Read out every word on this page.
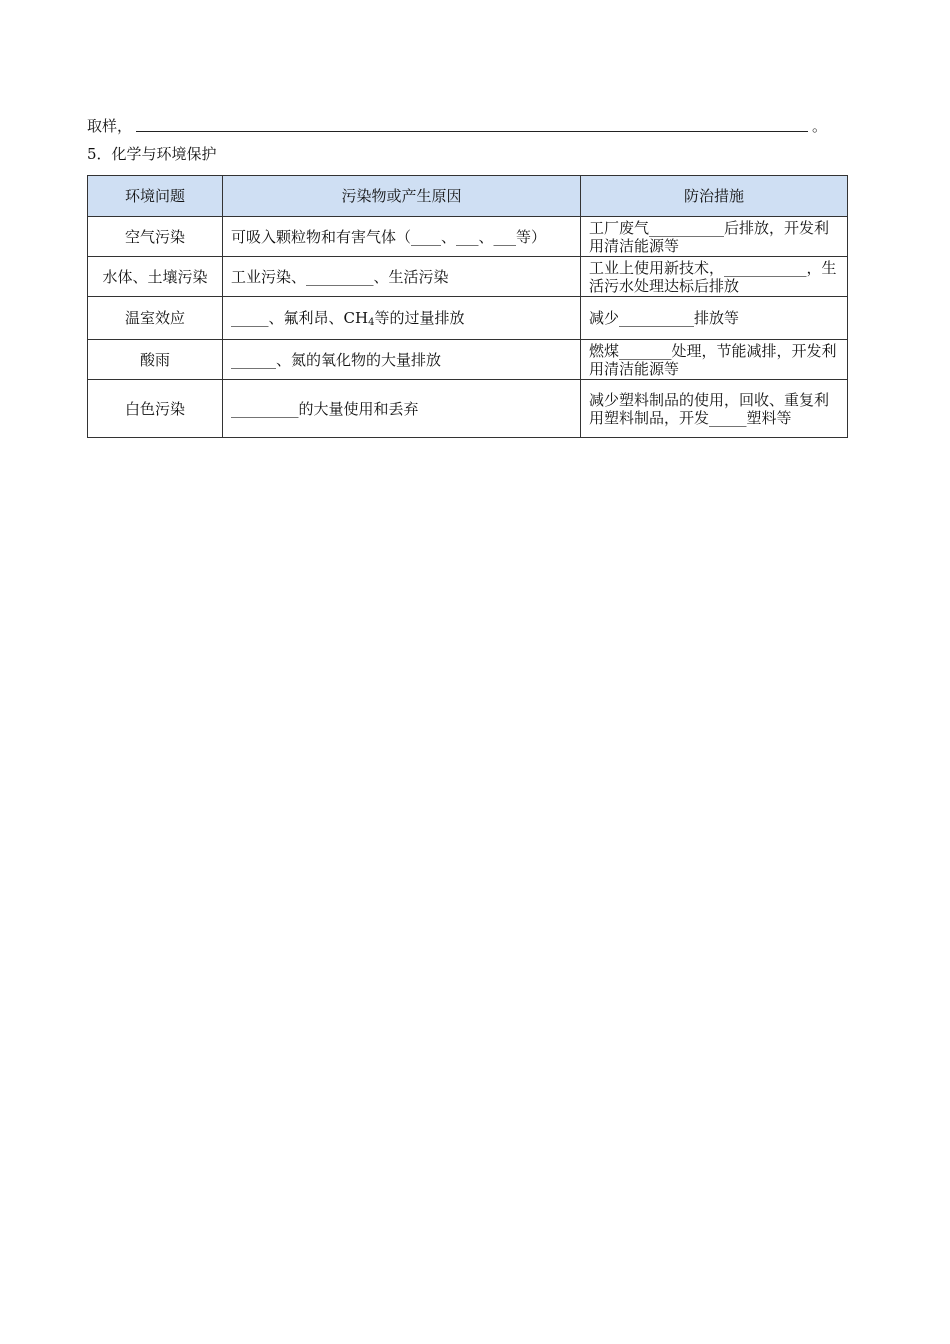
取样，	。
5．化学与环境保护
环境问题	污染物或产生原因	防治措施
空气污染	可吸入颗粒物和有害气体（____、___、___等）	工厂废气__________后排放，开发利用清洁能源等
水体、土壤污染	工业污染、_________、生活污染	工业上使用新技术，___________，生活污水处理达标后排放
温室效应	_____、氟利昂、$CH_4$等的过量排放	减少__________排放等
酸雨	______、氮的氧化物的大量排放	燃煤_______处理，节能减排，开发利用清洁能源等
白色污染	_________的大量使用和丢弃	减少塑料制品的使用，回收、重复利用塑料制品，开发_____塑料等
